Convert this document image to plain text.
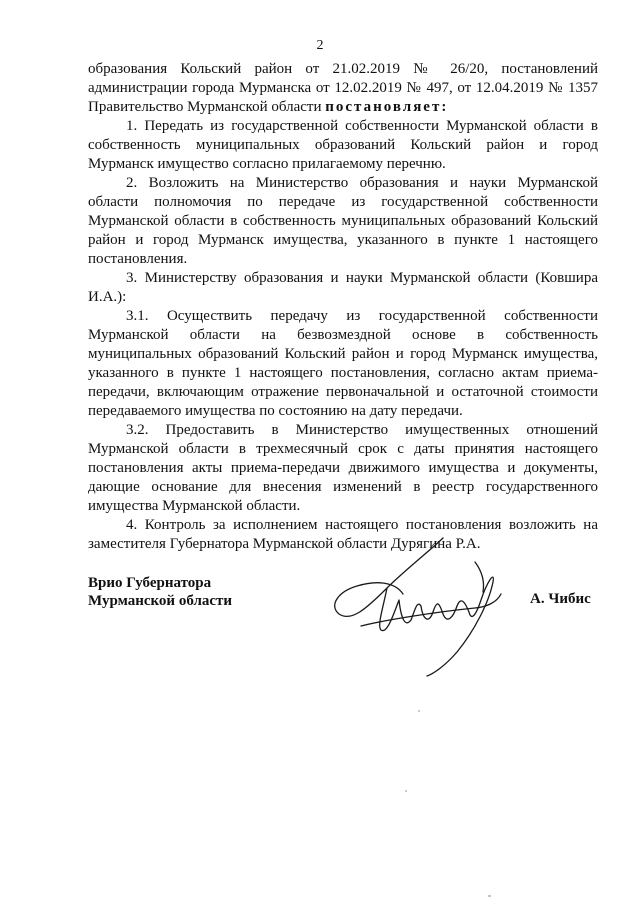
2

образования Кольский район от 21.02.2019 № 26/20, постановлений администрации города Мурманска от 12.02.2019 № 497, от 12.04.2019 № 1357 Правительство Мурманской области постановляет:

1. Передать из государственной собственности Мурманской области в собственность муниципальных образований Кольский район и город Мурманск имущество согласно прилагаемому перечню.

2. Возложить на Министерство образования и науки Мурманской области полномочия по передаче из государственной собственности Мурманской области в собственность муниципальных образований Кольский район и город Мурманск имущества, указанного в пункте 1 настоящего постановления.

3. Министерству образования и науки Мурманской области (Ковшира И.А.):

3.1. Осуществить передачу из государственной собственности Мурманской области на безвозмездной основе в собственность муниципальных образований Кольский район и город Мурманск имущества, указанного в пункте 1 настоящего постановления, согласно актам приема-передачи, включающим отражение первоначальной и остаточной стоимости передаваемого имущества по состоянию на дату передачи.

3.2. Предоставить в Министерство имущественных отношений Мурманской области в трехмесячный срок с даты принятия настоящего постановления акты приема-передачи движимого имущества и документы, дающие основание для внесения изменений в реестр государственного имущества Мурманской области.

4. Контроль за исполнением настоящего постановления возложить на заместителя Губернатора Мурманской области Дурягина Р.А.

Врио Губернатора
Мурманской области	А. Чибис
